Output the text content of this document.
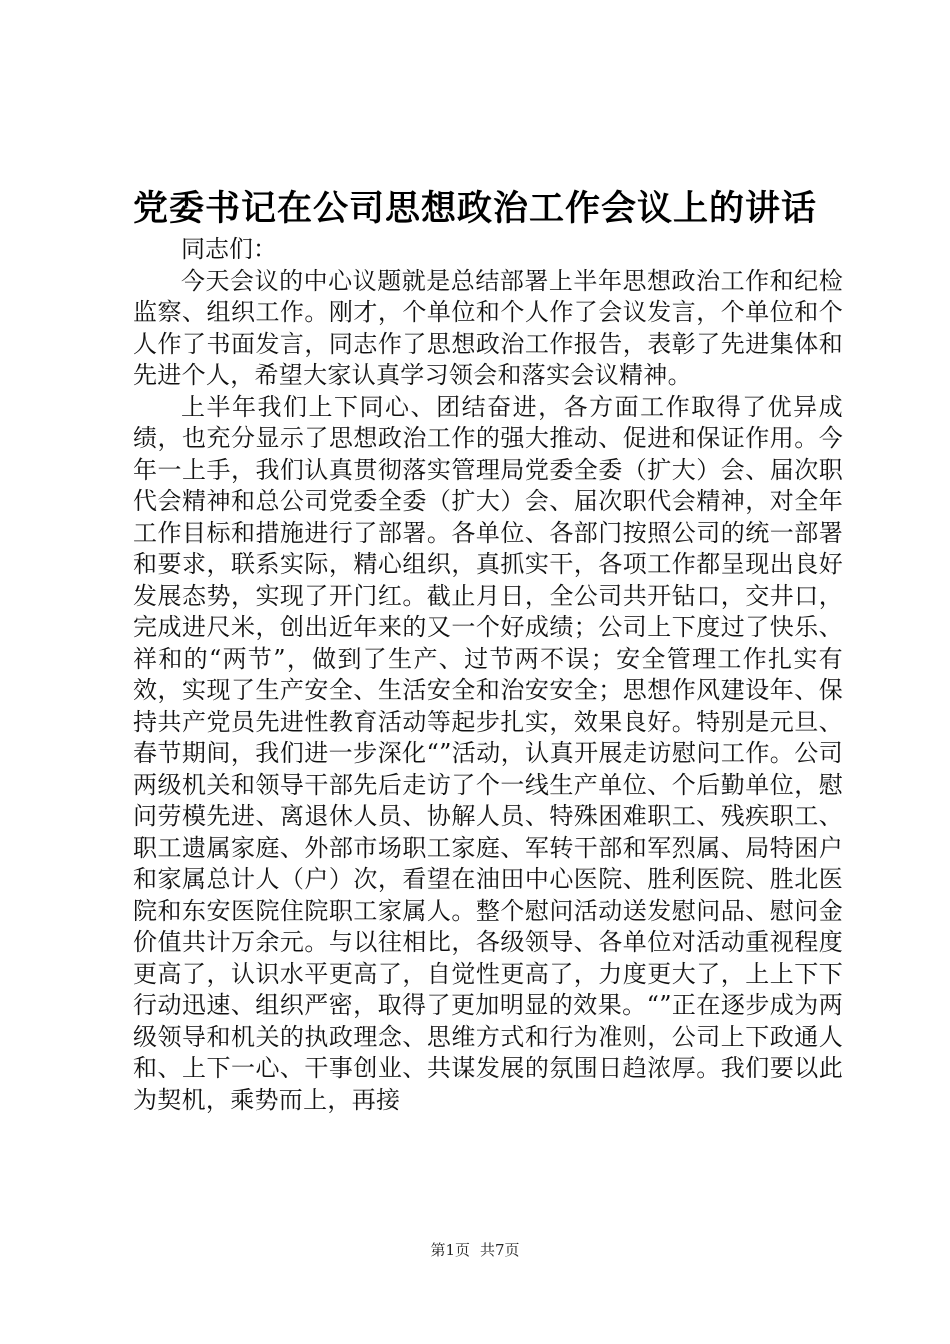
党委书记在公司思想政治工作会议上的讲话

同志们：

今天会议的中心议题就是总结部署上半年思想政治工作和纪检监察、组织工作。刚才，个单位和个人作了会议发言，个单位和个人作了书面发言，同志作了思想政治工作报告，表彰了先进集体和先进个人，希望大家认真学习领会和落实会议精神。

上半年我们上下同心、团结奋进，各方面工作取得了优异成绩，也充分显示了思想政治工作的强大推动、促进和保证作用。今年一上手，我们认真贯彻落实管理局党委全委（扩大）会、届次职代会精神和总公司党委全委（扩大）会、届次职代会精神，对全年工作目标和措施进行了部署。各单位、各部门按照公司的统一部署和要求，联系实际，精心组织，真抓实干，各项工作都呈现出良好发展态势，实现了开门红。截止月日，全公司共开钻口，交井口，完成进尺米，创出近年来的又一个好成绩；公司上下度过了快乐、祥和的“两节”，做到了生产、过节两不误；安全管理工作扎实有效，实现了生产安全、生活安全和治安安全；思想作风建设年、保持共产党员先进性教育活动等起步扎实，效果良好。特别是元旦、春节期间，我们进一步深化“”活动，认真开展走访慰问工作。公司两级机关和领导干部先后走访了个一线生产单位、个后勤单位，慰问劳模先进、离退休人员、协解人员、特殊困难职工、残疾职工、职工遗属家庭、外部市场职工家庭、军转干部和军烈属、局特困户和家属总计人（户）次，看望在油田中心医院、胜利医院、胜北医院和东安医院住院职工家属人。整个慰问活动送发慰问品、慰问金价值共计万余元。与以往相比，各级领导、各单位对活动重视程度更高了，认识水平更高了，自觉性更高了，力度更大了，上上下下行动迅速、组织严密，取得了更加明显的效果。“”正在逐步成为两级领导和机关的执政理念、思维方式和行为准则，公司上下政通人和、上下一心、干事创业、共谋发展的氛围日趋浓厚。我们要以此为契机，乘势而上，再接

第1页 共7页
